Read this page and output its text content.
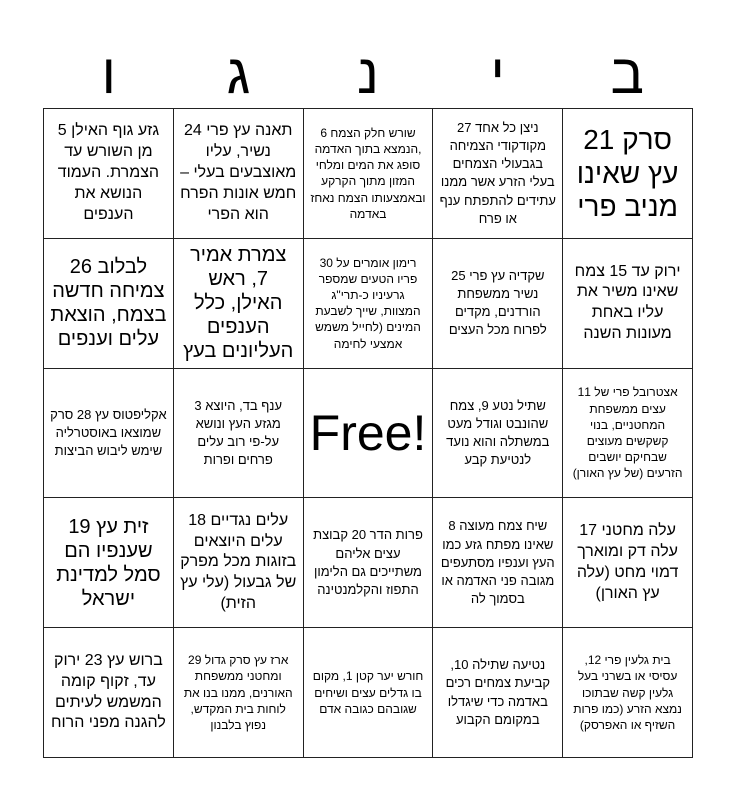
ב
י
נ
ג
ו
סרק 21 עץ שאינו מניב פרי
ניצן כל אחד 27 מקודקודי הצמיחה בגבעולי הצמחים בעלי הזרע אשר ממנו עתידים להתפתח ענף או פרח
שורש חלק הצמח 6 ,הנמצא בתוך האדמה סופג את המים ומלחי המזון מתוך הקרקע ובאמצעותו הצמח נאחז באדמה
תאנה עץ פרי 24 נשיר, עליו מאוצבעים בעלי – חמש אונות הפרח הוא הפרי
גזע גוף האילן 5 מן השורש עד הצמרת. העמוד הנושא את הענפים
ירוק עד 15 צמח שאינו משיר את עליו באחת מעונות השנה
שקדיה עץ פרי 25 נשיר ממשפחת הורדנים, מקדים לפרוח מכל העצים
רימון אומרים על 30 פריו הטעים שמספר גרעיניו כ-תרי"ג המצוות, שייך לשבעת המינים (לחייל משמש אמצעי לחימה
צמרת אמיר 7, ראש האילן, כלל הענפים העליונים בעץ
לבלוב 26 צמיחה חדשה בצמח, הוצאת עלים וענפים
אצטרובל פרי של 11 עצים ממשפחת המחטניים, בנוי קשקשים מעוצים שבחיקם יושבים הזרעים (של עץ האורן)
שתיל נטע 9, צמח שהונבט וגודל מעט במשתלה והוא נועד לנטיעת קבע
Free!
ענף בד, היוצא 3 מגזע העץ ונושא על-פי רוב עלים פרחים ופרות
אקליפטוס עץ 28 סרק שמוצאו באוסטרליה שימש ליבוש הביצות
עלה מחטני 17 עלה דק ומוארך דמוי מחט (עלה עץ האורן)
שיח צמח מעוצה 8 שאינו מפתח גזע כמו העץ וענפיו מסתעפים מגובה פני האדמה או בסמוך לה
פרות הדר 20 קבוצת עצים אליהם משתייכים גם הלימון התפוז והקלמנטינה
עלים נגדיים 18 עלים היוצאים בזוגות מכל מפרק של גבעול (עלי עץ הזית)
זית עץ 19 שענפיו הם סמל למדינת ישראל
בית גלעין פרי 12, עסיסי או בשרני בעל גלעין קשה שבתוכו נמצא הזרע (כמו פרות השזיף או האפרסק)
נטיעה שתילה 10, קביעת צמחים רכים באדמה כדי שיגדלו במקומם הקבוע
חורש יער קטן 1, מקום בו גדלים עצים ושיחים שגובהם כגובה אדם
ארז עץ סרק גדול 29 ומחטני ממשפחת האורנים, ממנו בנו את לוחות בית המקדש, נפוץ בלבנון
ברוש עץ 23 ירוק עד, זקוף קומה המשמש לעיתים להגנה מפני הרוח
